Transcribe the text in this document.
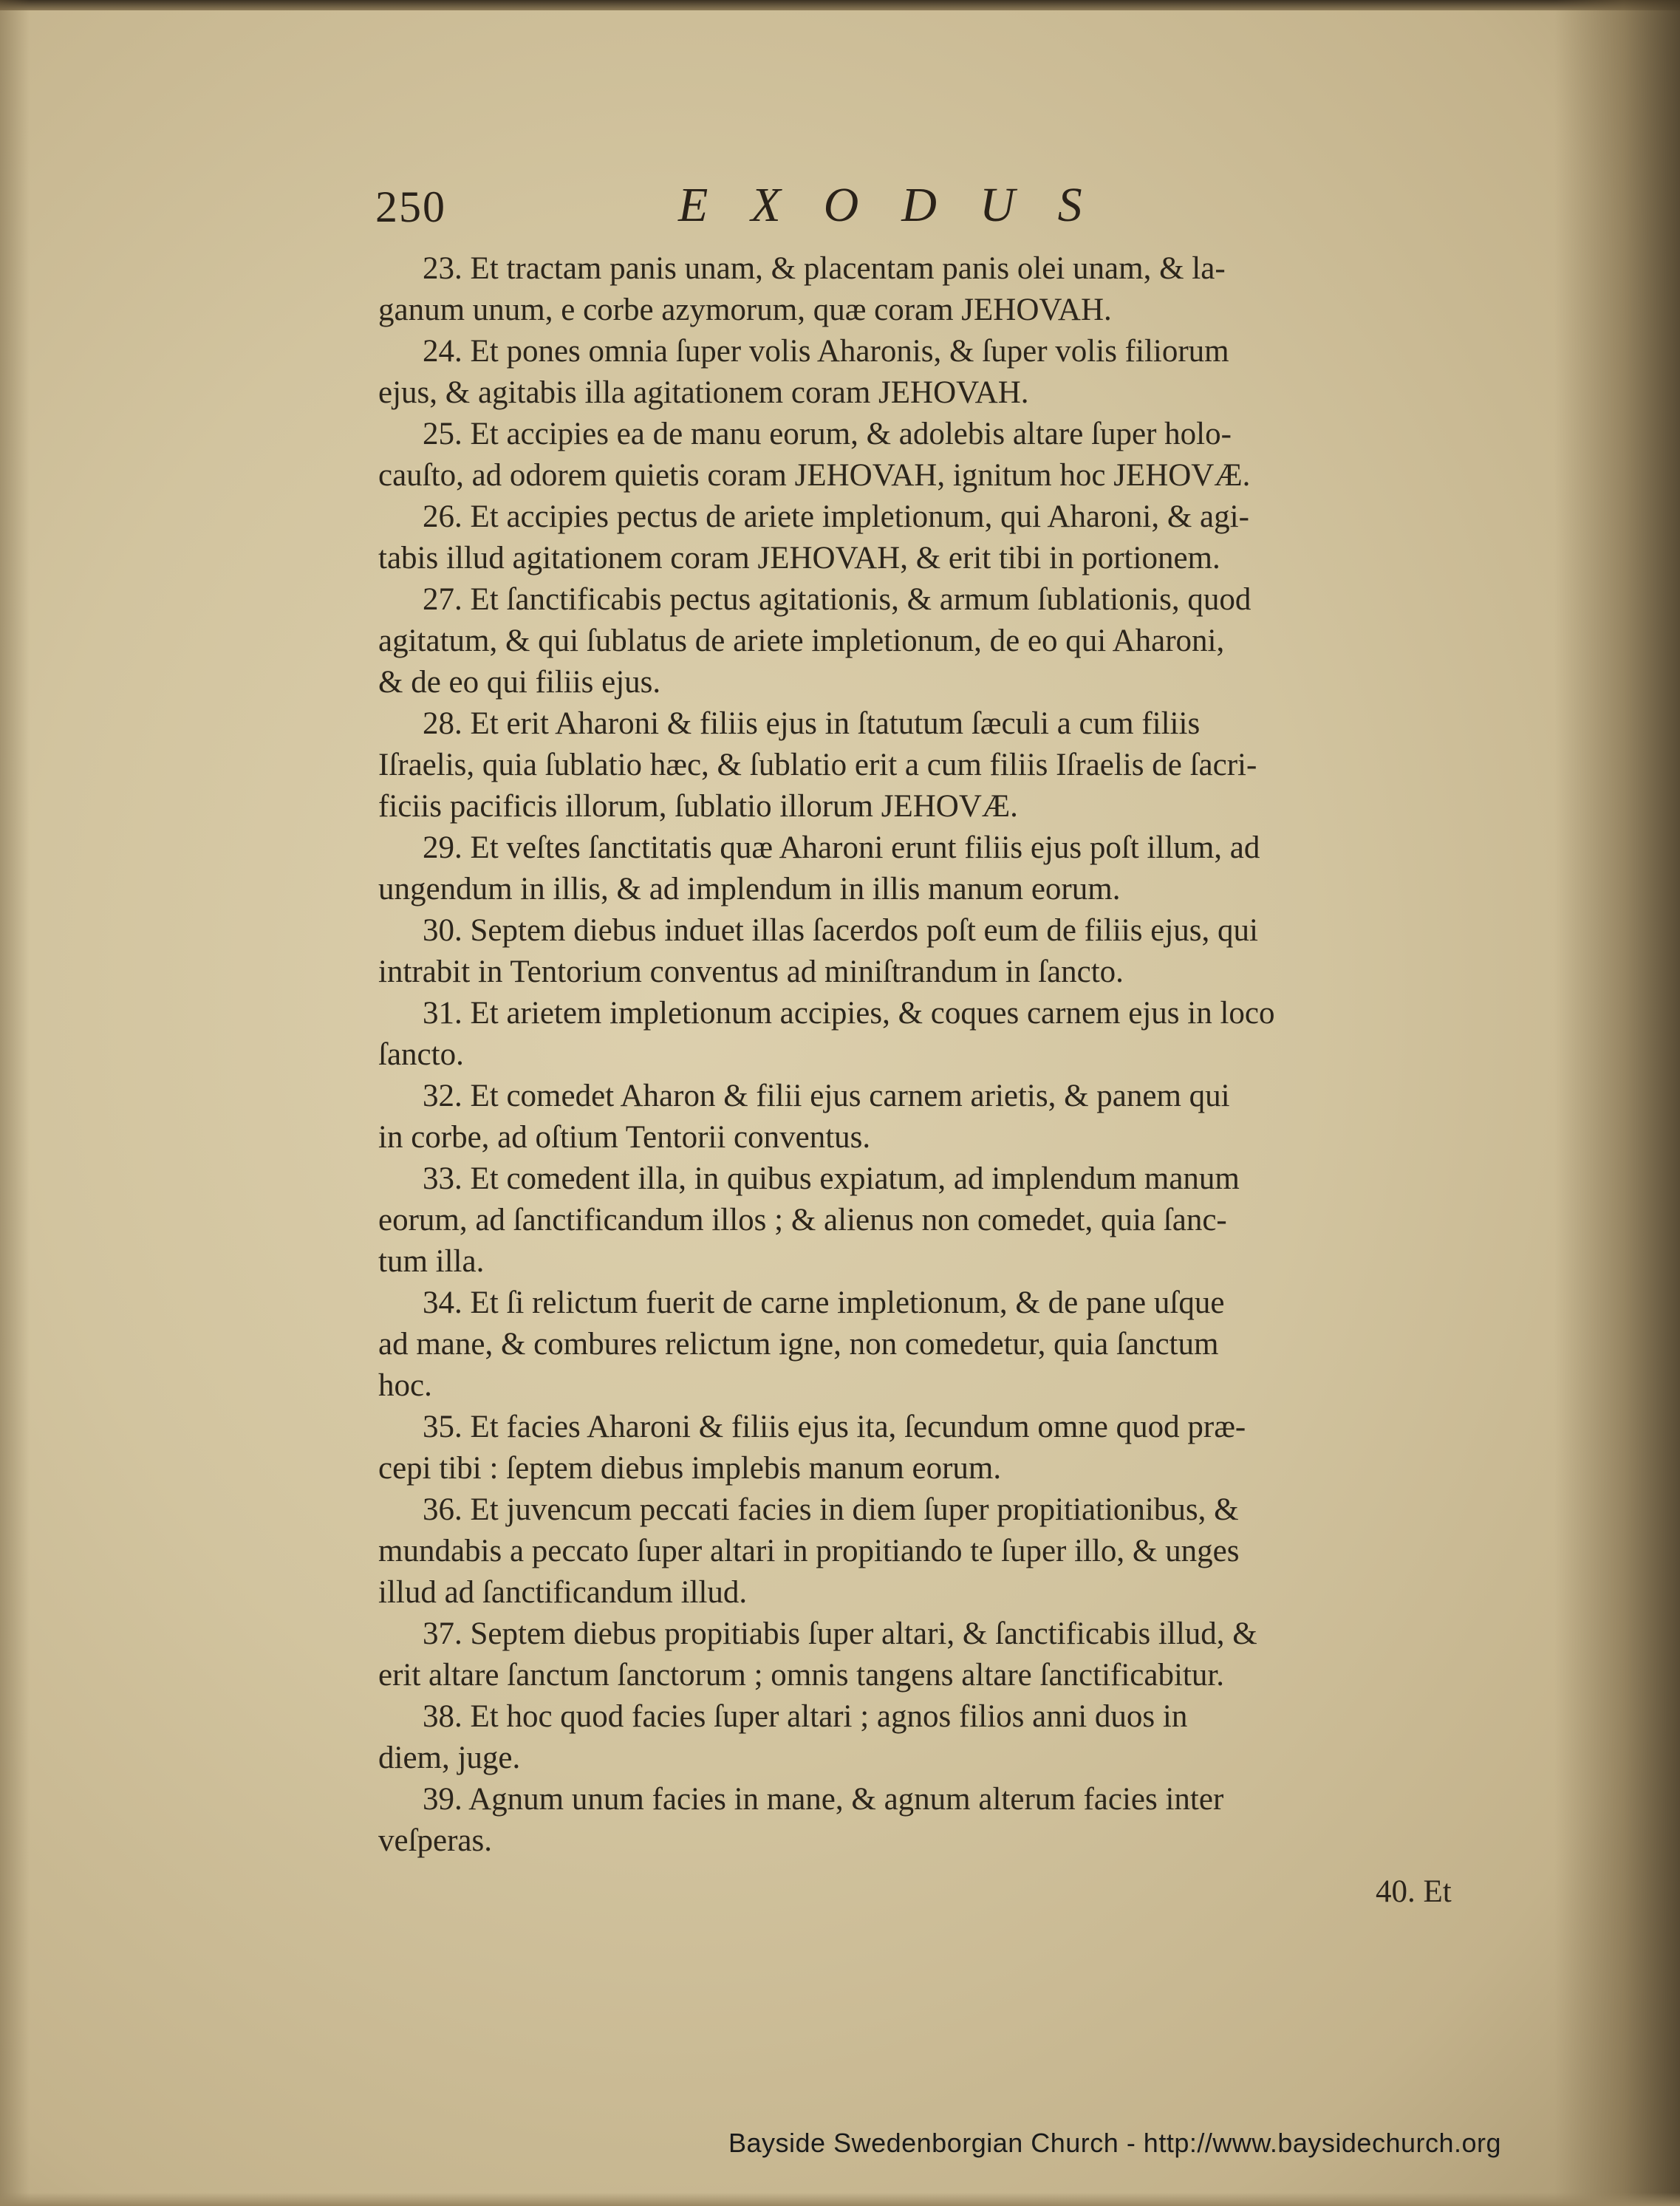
250	EXODUS

23. Et tractam panis unam, & placentam panis olei unam, & la-
ganum unum, e corbe azymorum, quæ coram JEHOVAH.

24. Et pones omnia ſuper volis Aharonis, & ſuper volis filiorum
ejus, & agitabis illa agitationem coram JEHOVAH.

25. Et accipies ea de manu eorum, & adolebis altare ſuper holo-
cauſto, ad odorem quietis coram JEHOVAH, ignitum hoc JEHOVÆ.

26. Et accipies pectus de ariete impletionum, qui Aharoni, & agi-
tabis illud agitationem coram JEHOVAH, & erit tibi in portionem.

27. Et ſanctificabis pectus agitationis, & armum ſublationis, quod
agitatum, & qui ſublatus de ariete impletionum, de eo qui Aharoni,
& de eo qui filiis ejus.

28. Et erit Aharoni & filiis ejus in ſtatutum ſæculi a cum filiis
Iſraelis, quia ſublatio hæc, & ſublatio erit a cum filiis Iſraelis de ſacri-
ficiis pacificis illorum, ſublatio illorum JEHOVÆ.

29. Et veſtes ſanctitatis quæ Aharoni erunt filiis ejus poſt illum, ad
ungendum in illis, & ad implendum in illis manum eorum.

30. Septem diebus induet illas ſacerdos poſt eum de filiis ejus, qui
intrabit in Tentorium conventus ad miniſtrandum in ſancto.

31. Et arietem impletionum accipies, & coques carnem ejus in loco
ſancto.

32. Et comedet Aharon & filii ejus carnem arietis, & panem qui
in corbe, ad oſtium Tentorii conventus.

33. Et comedent illa, in quibus expiatum, ad implendum manum
eorum, ad ſanctificandum illos ; & alienus non comedet, quia ſanc-
tum illa.

34. Et ſi relictum fuerit de carne impletionum, & de pane uſque
ad mane, & combures relictum igne, non comedetur, quia ſanctum
hoc.

35. Et facies Aharoni & filiis ejus ita, ſecundum omne quod præ-
cepi tibi : ſeptem diebus implebis manum eorum.

36. Et juvencum peccati facies in diem ſuper propitiationibus, &
mundabis a peccato ſuper altari in propitiando te ſuper illo, & unges
illud ad ſanctificandum illud.

37. Septem diebus propitiabis ſuper altari, & ſanctificabis illud, &
erit altare ſanctum ſanctorum ; omnis tangens altare ſanctificabitur.

38. Et hoc quod facies ſuper altari ; agnos filios anni duos in
diem, juge.

39. Agnum unum facies in mane, & agnum alterum facies inter
veſperas.

40. Et
Bayside Swedenborgian Church - http://www.baysidechurch.org
